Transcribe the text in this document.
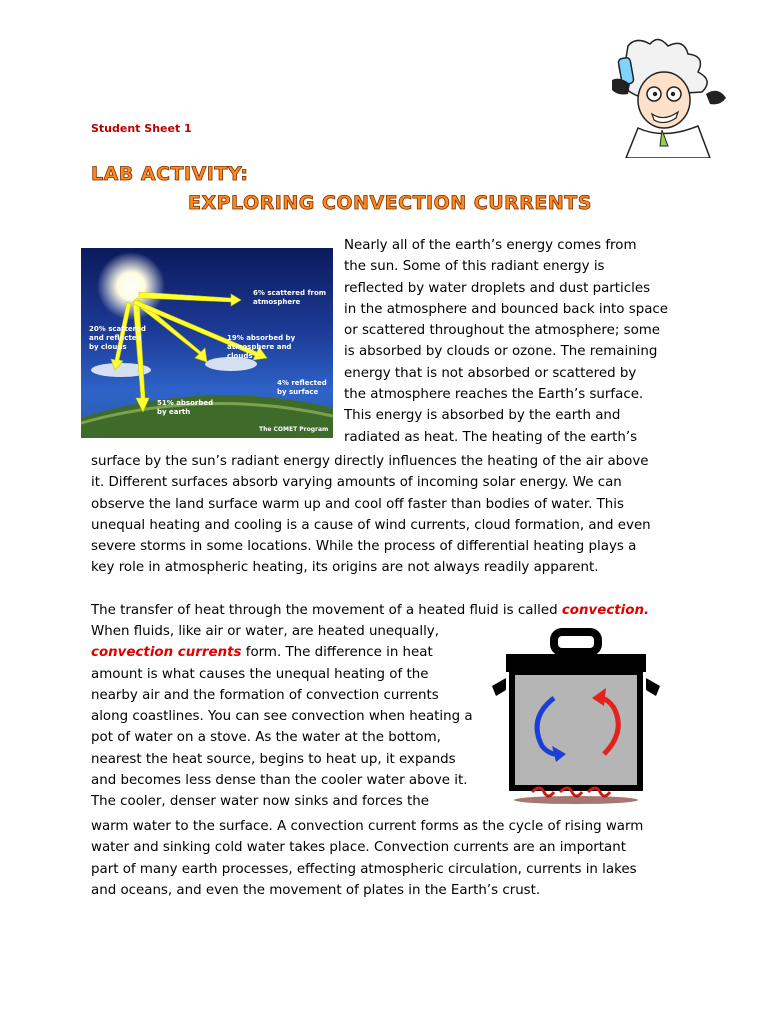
Student Sheet 1
LAB ACTIVITY:
EXPLORING CONVECTION CURRENTS
6% scattered from
atmosphere
20% scattered
and reflected
by clouds
19% absorbed by
atmosphere and
clouds
4% reflected
by surface
51% absorbed
by earth
The COMET Program
Nearly all of the earth’s energy comes from
the sun. Some of this radiant energy is
reflected by water droplets and dust particles
in the atmosphere and bounced back into space
or scattered throughout the atmosphere; some
is absorbed by clouds or ozone. The remaining
energy that is not absorbed or scattered by
the atmosphere reaches the Earth’s surface.
This energy is absorbed by the earth and
radiated as heat. The heating of the earth’s
surface by the sun’s radiant energy directly influences the heating of the air above
it. Different surfaces absorb varying amounts of incoming solar energy. We can
observe the land surface warm up and cool off faster than bodies of water. This
unequal heating and cooling is a cause of wind currents, cloud formation, and even
severe storms in some locations. While the process of differential heating plays a
key role in atmospheric heating, its origins are not always readily apparent.
The transfer of heat through the movement of a heated fluid is called convection.
When fluids, like air or water, are heated unequally,
convection currents form. The difference in heat
amount is what causes the unequal heating of the
nearby air and the formation of convection currents
along coastlines. You can see convection when heating a
pot of water on a stove. As the water at the bottom,
nearest the heat source, begins to heat up, it expands
and becomes less dense than the cooler water above it.
The cooler, denser water now sinks and forces the
warm water to the surface. A convection current forms as the cycle of rising warm
water and sinking cold water takes place. Convection currents are an important
part of many earth processes, effecting atmospheric circulation, currents in lakes
and oceans, and even the movement of plates in the Earth’s crust.
